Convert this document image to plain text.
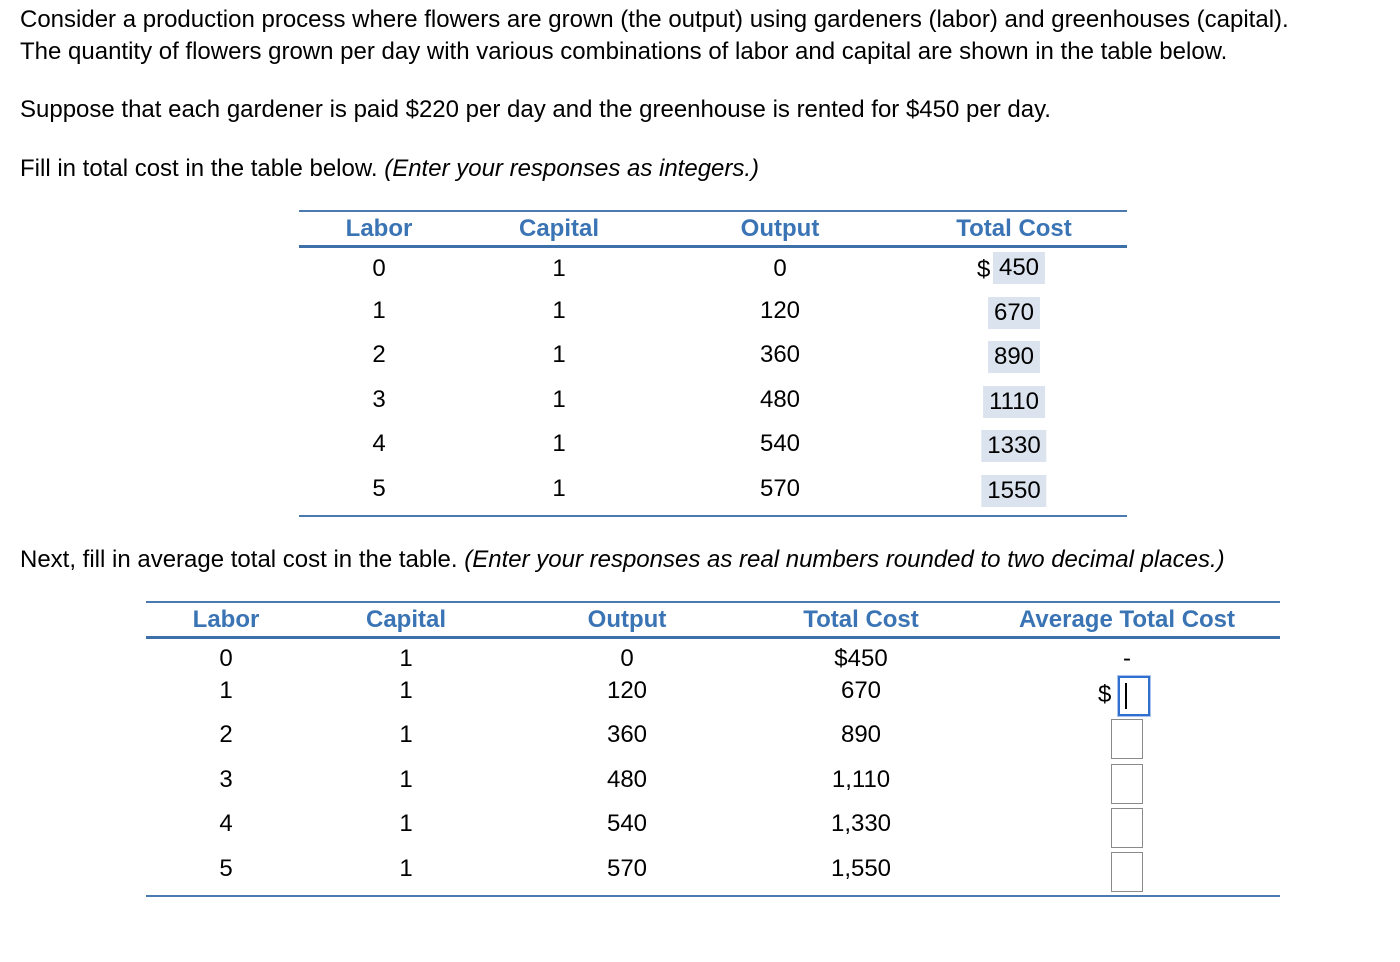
Consider a production process where flowers are grown (the output) using gardeners (labor) and greenhouses (capital).

The quantity of flowers grown per day with various combinations of labor and capital are shown in the table below.

Suppose that each gardener is paid $220 per day and the greenhouse is rented for $450 per day.

Fill in total cost in the table below. (Enter your responses as integers.)

Labor	Capital	Output	Total Cost
0	1	0	$ 450
1	1	120	670
2	1	360	890
3	1	480	1110
4	1	540	1330
5	1	570	1550

Next, fill in average total cost in the table. (Enter your responses as real numbers rounded to two decimal places.)

Labor	Capital	Output	Total Cost	Average Total Cost
0	1	0	$450	-
1	1	120	670	$
2	1	360	890
3	1	480	1,110
4	1	540	1,330
5	1	570	1,550
